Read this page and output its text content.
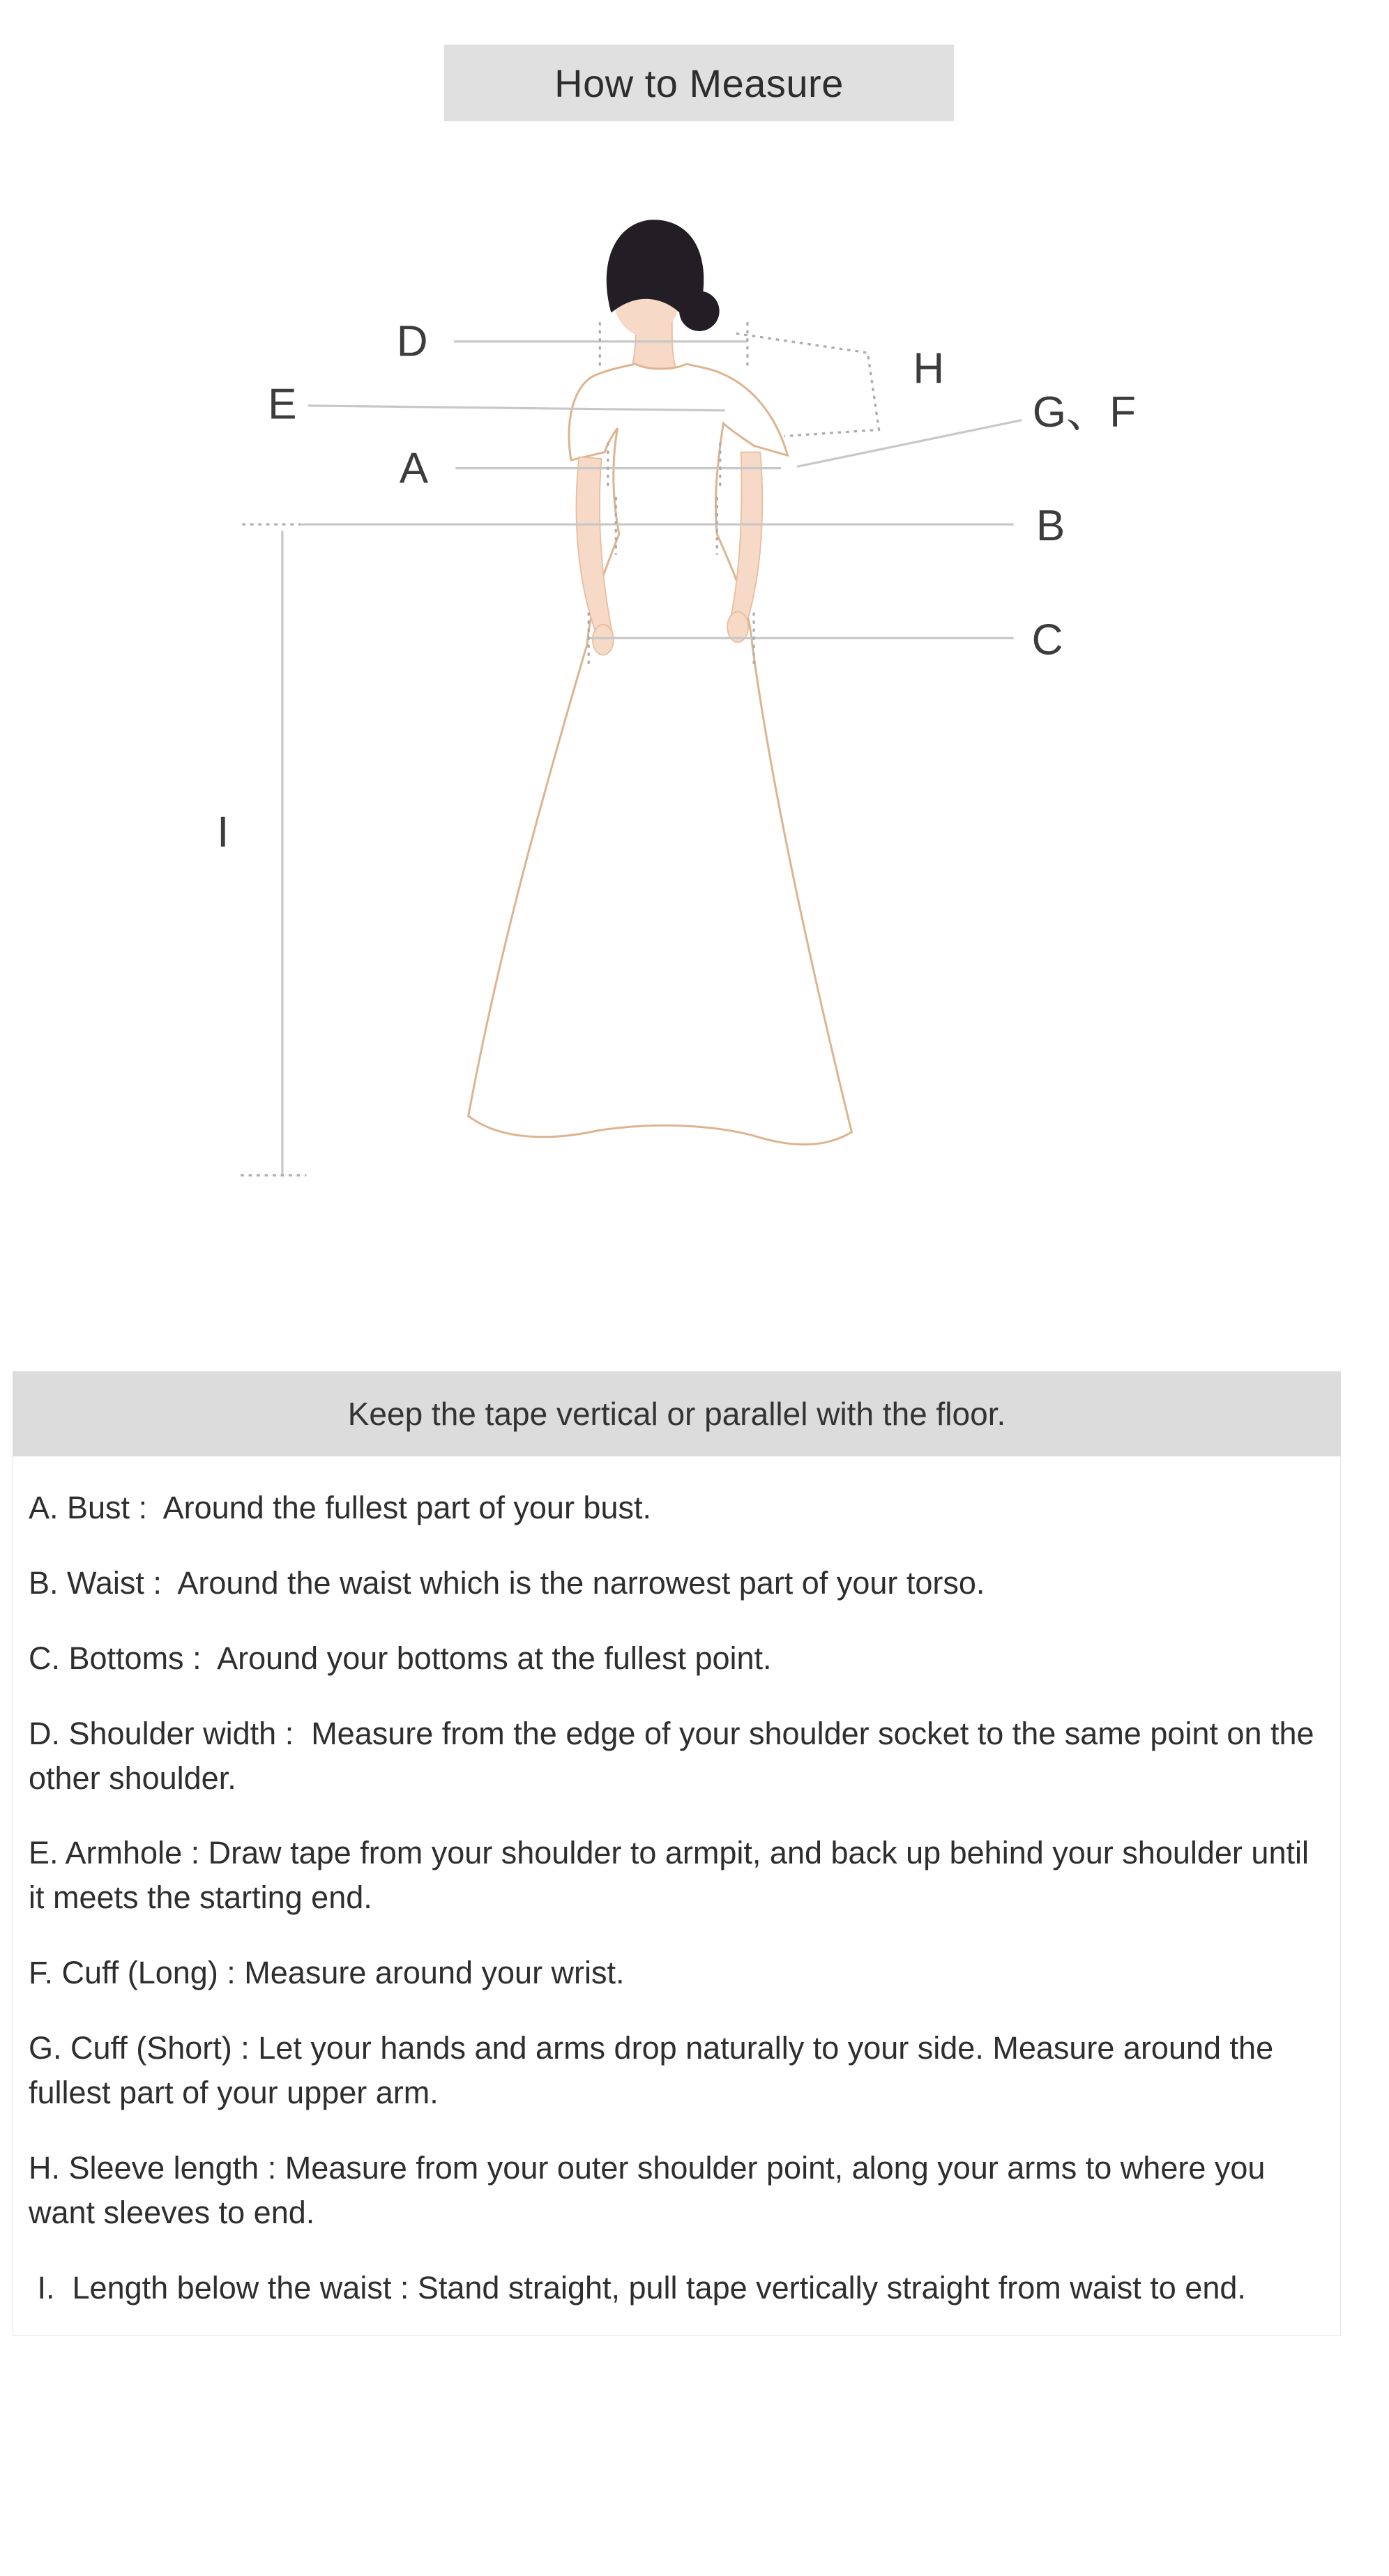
How to Measure
D
E
A
B
C
H
G、F
I
Keep the tape vertical or parallel with the floor.
A. Bust :  Around the fullest part of your bust.
B. Waist :  Around the waist which is the narrowest part of your torso.
C. Bottoms :  Around your bottoms at the fullest point.
D. Shoulder width :  Measure from the edge of your shoulder socket to the same point on the other shoulder.
E. Armhole : Draw tape from your shoulder to armpit, and back up behind your shoulder until it meets the starting end.
F. Cuff (Long) : Measure around your wrist.
G. Cuff (Short) : Let your hands and arms drop naturally to your side. Measure around the fullest part of your upper arm.
H. Sleeve length : Measure from your outer shoulder point, along your arms to where you want sleeves to end.
I.  Length below the waist : Stand straight, pull tape vertically straight from waist to end.
